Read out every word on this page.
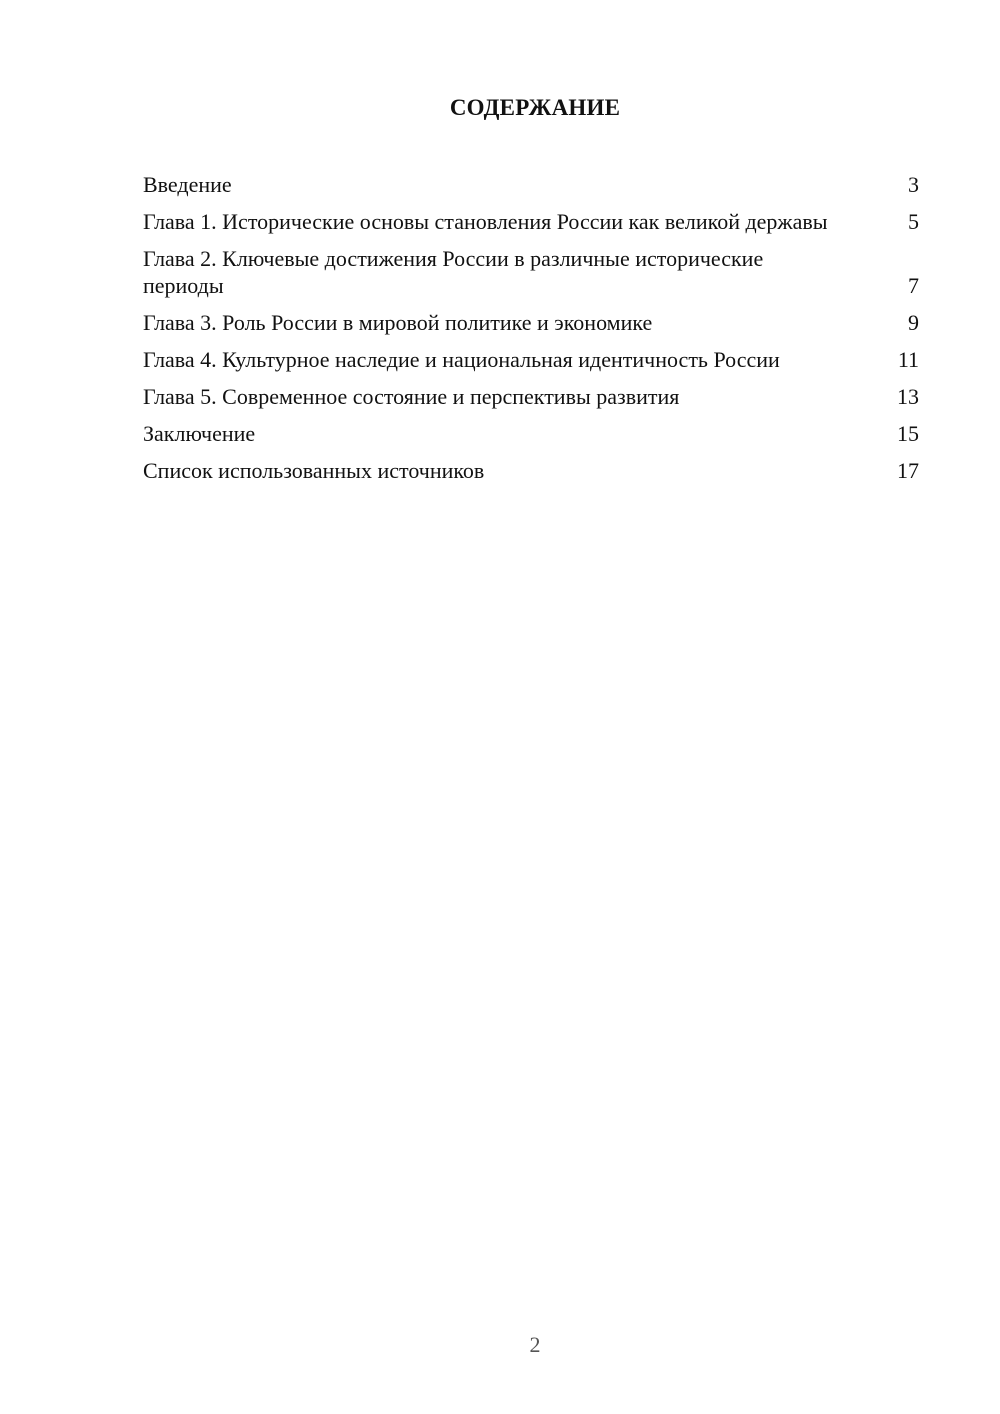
СОДЕРЖАНИЕ
Введение	3
Глава 1. Исторические основы становления России как великой державы	5
Глава 2. Ключевые достижения России в различные исторические периоды	7
Глава 3. Роль России в мировой политике и экономике	9
Глава 4. Культурное наследие и национальная идентичность России	11
Глава 5. Современное состояние и перспективы развития	13
Заключение	15
Список использованных источников	17
2
